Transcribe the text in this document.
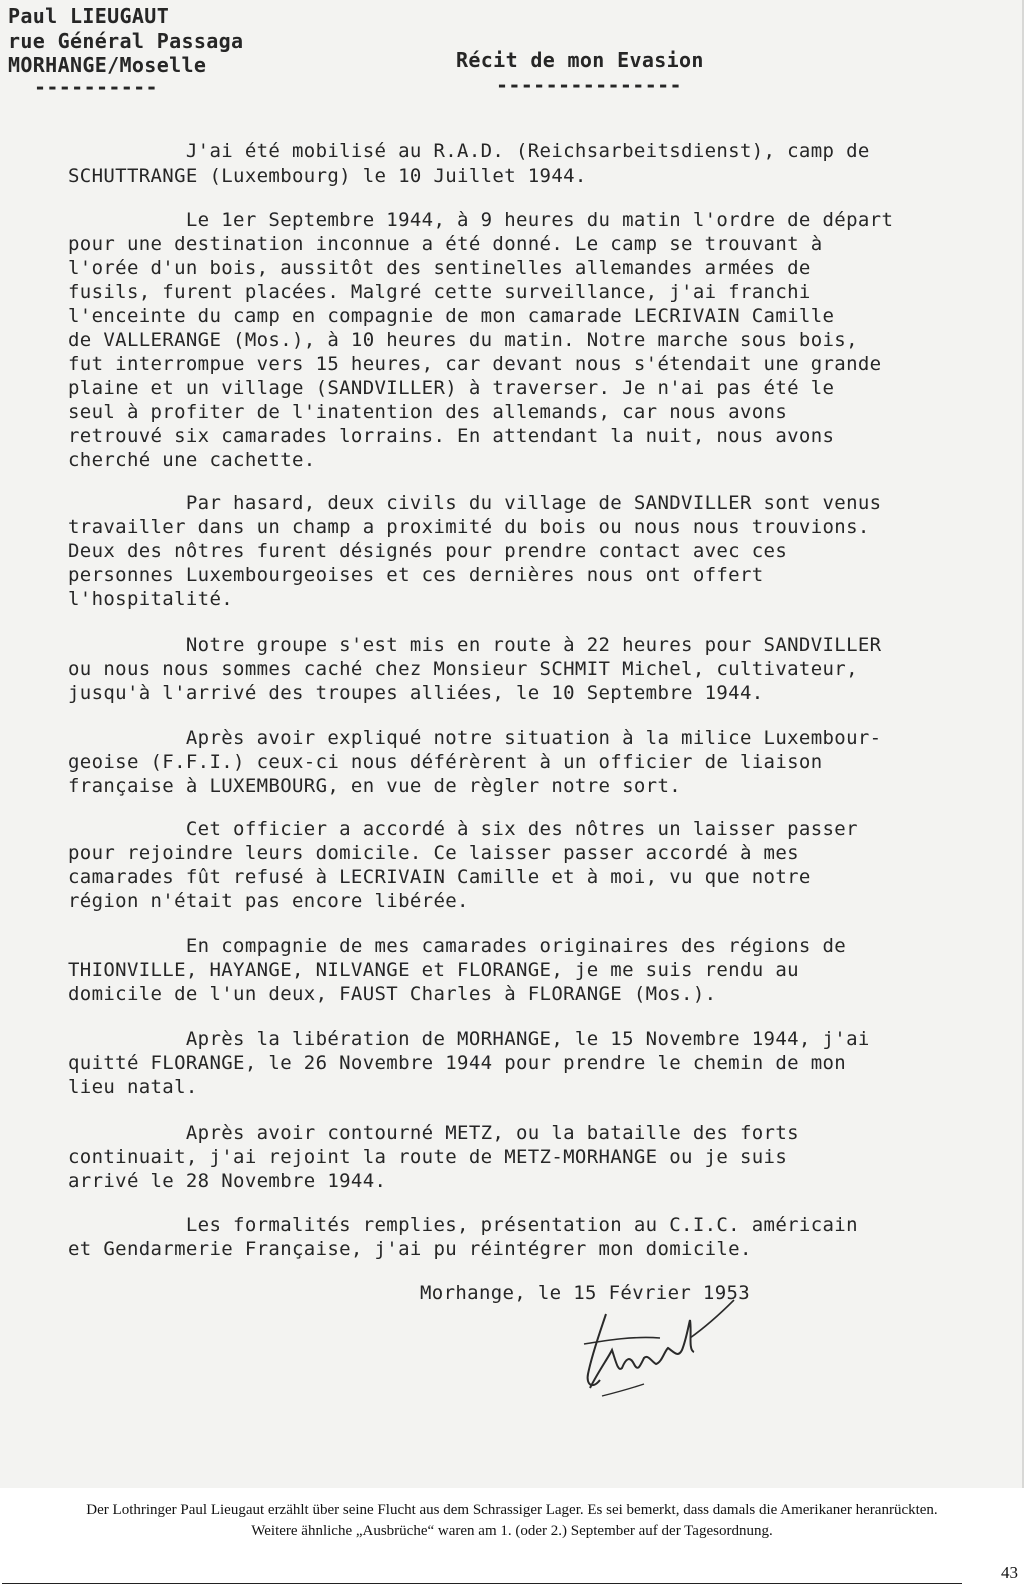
Paul LIEUGAUT

rue Général Passaga

MORHANGE/Moselle

----------

Récit de mon Evasion

---------------

J'ai été mobilisé au R.A.D. (Reichsarbeitsdienst), camp de

SCHUTTRANGE (Luxembourg) le 10 Juillet 1944.

Le 1er Septembre 1944, à 9 heures du matin l'ordre de départ

pour une destination inconnue a été donné. Le camp se trouvant à

l'orée d'un bois, aussitôt des sentinelles allemandes armées de

fusils, furent placées. Malgré cette surveillance, j'ai franchi

l'enceinte du camp en compagnie de mon camarade LECRIVAIN Camille

de VALLERANGE (Mos.), à 10 heures du matin. Notre marche sous bois,

fut interrompue vers 15 heures, car devant nous s'étendait une grande

plaine et un village (SANDVILLER) à traverser. Je n'ai pas été le

seul à profiter de l'inatention des allemands, car nous avons

retrouvé six camarades lorrains. En attendant la nuit, nous avons

cherché une cachette.

Par hasard, deux civils du village de SANDVILLER sont venus

travailler dans un champ a proximité du bois ou nous nous trouvions.

Deux des nôtres furent désignés pour prendre contact avec ces

personnes Luxembourgeoises et ces dernières nous ont offert

l'hospitalité.

Notre groupe s'est mis en route à 22 heures pour SANDVILLER

ou nous nous sommes caché chez Monsieur SCHMIT Michel, cultivateur,

jusqu'à l'arrivé des troupes alliées, le 10 Septembre 1944.

Après avoir expliqué notre situation à la milice Luxembour-

geoise (F.F.I.) ceux-ci nous déférèrent à un officier de liaison

française à LUXEMBOURG, en vue de règler notre sort.

Cet officier a accordé à six des nôtres un laisser passer

pour rejoindre leurs domicile. Ce laisser passer accordé à mes

camarades fût refusé à LECRIVAIN Camille et à moi, vu que notre

région n'était pas encore libérée.

En compagnie de mes camarades originaires des régions de

THIONVILLE, HAYANGE, NILVANGE et FLORANGE, je me suis rendu au

domicile de l'un deux, FAUST Charles à FLORANGE (Mos.).

Après la libération de MORHANGE, le 15 Novembre 1944, j'ai

quitté FLORANGE, le 26 Novembre 1944 pour prendre le chemin de mon

lieu natal.

Après avoir contourné METZ, ou la bataille des forts

continuait, j'ai rejoint la route de METZ-MORHANGE ou je suis

arrivé le 28 Novembre 1944.

Les formalités remplies, présentation au C.I.C. américain

et Gendarmerie Française, j'ai pu réintégrer mon domicile.

Morhange, le 15 Février 1953

Der Lothringer Paul Lieugaut erzählt über seine Flucht aus dem Schrassiger Lager. Es sei bemerkt, dass damals die Amerikaner heranrückten.
Weitere ähnliche „Ausbrüche“ waren am 1. (oder 2.) September auf der Tagesordnung.
43
